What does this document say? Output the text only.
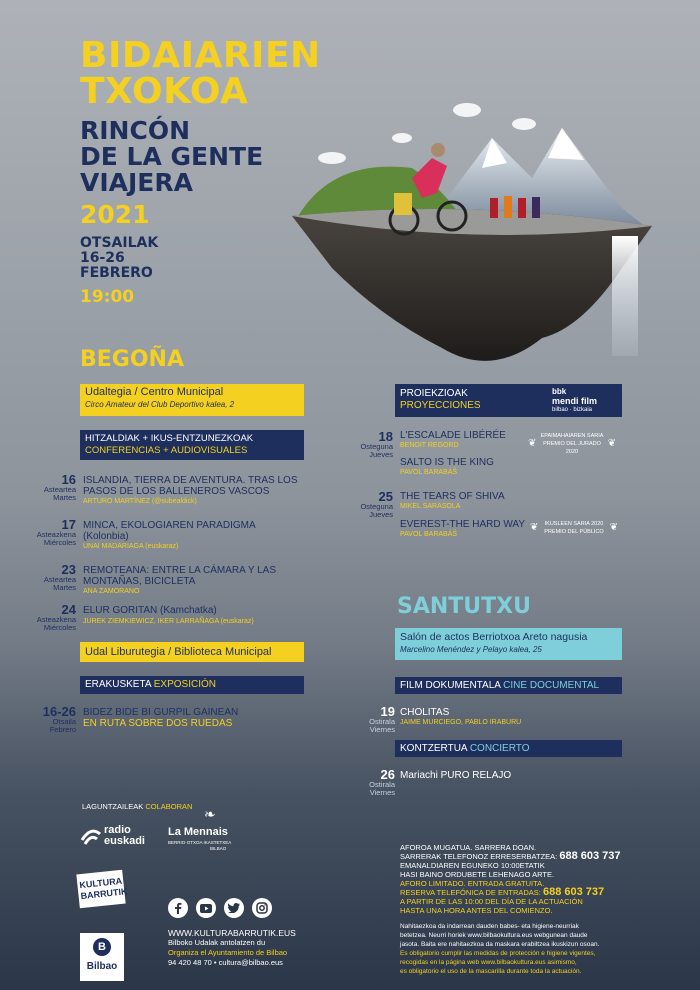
BIDAIARIEN
TXOKOA
RINCÓN
DE LA GENTE
VIAJERA
2021
OTSAILAK
16-26
FEBRERO
19:00
BEGOÑA
Udaltegia / Centro Municipal
Circo Amateur del Club Deportivo kalea, 2
HITZALDIAK + IKUS-ENTZUNEZKOAK
CONFERENCIAS + AUDIOVISUALES
16
Asteartea
Martes
ISLANDIA, TIERRA DE AVENTURA. TRAS LOS
PASOS DE LOS BALLENEROS VASCOS
ARTURO MARTÍNEZ (@subealdick)
17
Asteazkena
Miércoles
MINCA, EKOLOGIAREN PARADIGMA
(Kolonbia)
UNAI MADARIAGA (euskaraz)
23
Asteartea
Martes
REMOTEANA: ENTRE LA CÁMARA Y LAS
MONTAÑAS, BICICLETA
ANA ZAMORANO
24
Asteazkena
Miércoles
ELUR GORITAN (Kamchatka)
JUREK ZIEMKIEWICZ, IKER LARRAÑAGA (euskaraz)
Udal Liburutegia / Biblioteca Municipal
ERAKUSKETA EXPOSICIÓN
16-26
Otsaila
Febrero
BIDEZ BIDE BI GURPIL GAINEAN
EN RUTA SOBRE DOS RUEDAS
PROIEKZIOAK
PROYECCIONES
bbk
mendi film
bilbao · bizkaia
18
Osteguna
Jueves
25
Osteguna
Jueves
L'ESCALADE LIBÉRÉE
BENOIT REGORD
SALTO IS THE KING
PAVOL BARABÁŠ
THE TEARS OF SHIVA
MIKEL SARASOLA
EVEREST-THE HARD WAY
PAVOL BARABÁŠ
❦
EPAIMAHAIAREN SARIA
PREMIO DEL JURADO 2020
❦
❦ IKUSLEEN SARIA 2020
PREMIO DEL PÚBLICO ❦
SANTUTXU
Salón de actos Berriotxoa Areto nagusia
Marcelino Menéndez y Pelayo kalea, 25
FILM DOKUMENTALA CINE DOCUMENTAL
19
Ostirala
Viernes
CHOLITAS
JAIME MURCIEGO, PABLO IRABURU
KONTZERTUA CONCIERTO
26
Ostirala
Viernes
Mariachi PURO RELAJO
LAGUNTZAILEAK COLABORAN
radio
euskadi
❧
La Mennais
BERRIO-OTXOA IKASTETXEA
BILBAO	AFOROA MUGATUA. SARRERA DOAN.
SARRERAK TELEFONOZ ERRESERBATZEA: 688 603 737
EMANALDIAREN EGUNEKO 10:00ETATIK
HASI BAINO ORDUBETE LEHENAGO ARTE.
AFORO LIMITADO. ENTRADA GRATUITA.
RESERVA TELEFÓNICA DE ENTRADAS: 688 603 737
A PARTIR DE LAS 10:00 DEL DÍA DE LA ACTUACIÓN
HASTA UNA HORA ANTES DEL COMIENZO.
Nahitaezkoa da indarrean dauden babes- eta higiene-neurriak
betetzea. Neurri horiek www.bilbaokultura.eus webgunean daude
jasota. Baita ere nahitaezkoa da maskara erabiltzea ikuskizun osoan.
Es obligatorio cumplir las medidas de protección e higiene vigentes,
recogidas en la página web www.bilbaokultura.eus asimismo,
es obligatorio el uso de la mascarilla durante toda la actuación.
KULTURA
BARRUTIK
B
Bilbao
WWW.KULTURABARRUTIK.EUS
Bilboko Udalak antolatzen du
Organiza el Ayuntamiento de Bilbao
94 420 48 70 • cultura@bilbao.eus
